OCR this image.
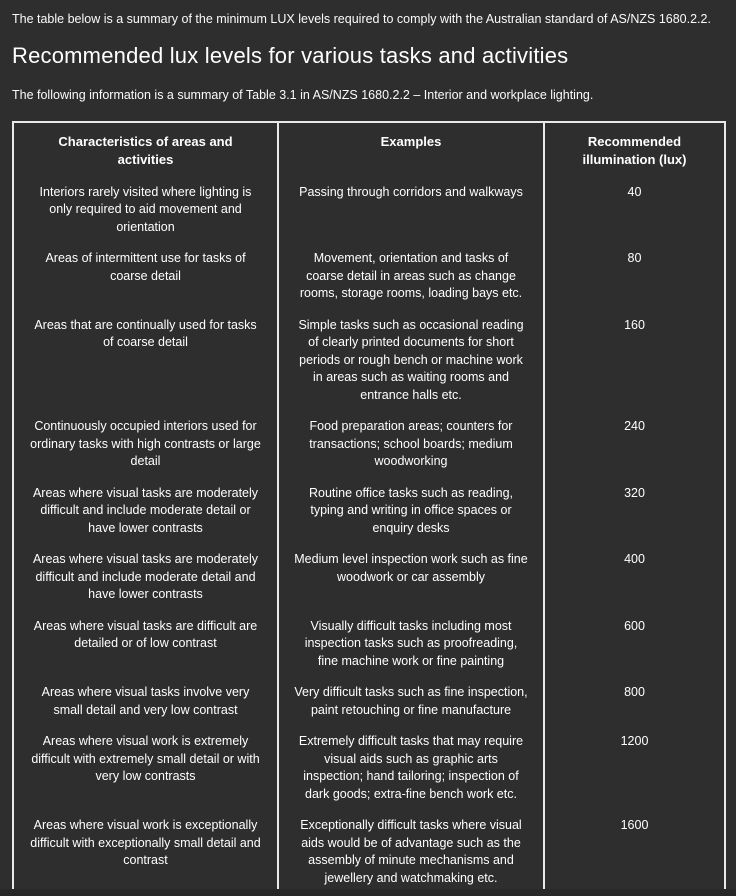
The table below is a summary of the minimum LUX levels required to comply with the Australian standard of AS/NZS 1680.2.2.

Recommended lux levels for various tasks and activities

The following information is a summary of Table 3.1 in AS/NZS 1680.2.2 – Interior and workplace lighting.

Characteristics of areas and activities	Examples	Recommended illumination (lux)
Interiors rarely visited where lighting is only required to aid movement and orientation	Passing through corridors and walkways	40
Areas of intermittent use for tasks of coarse detail	Movement, orientation and tasks of coarse detail in areas such as change rooms, storage rooms, loading bays etc.	80
Areas that are continually used for tasks of coarse detail	Simple tasks such as occasional reading of clearly printed documents for short periods or rough bench or machine work in areas such as waiting rooms and entrance halls etc.	160
Continuously occupied interiors used for ordinary tasks with high contrasts or large detail	Food preparation areas; counters for transactions; school boards; medium woodworking	240
Areas where visual tasks are moderately difficult and include moderate detail or have lower contrasts	Routine office tasks such as reading, typing and writing in office spaces or enquiry desks	320
Areas where visual tasks are moderately difficult and include moderate detail and have lower contrasts	Medium level inspection work such as fine woodwork or car assembly	400
Areas where visual tasks are difficult are detailed or of low contrast	Visually difficult tasks including most inspection tasks such as proofreading, fine machine work or fine painting	600
Areas where visual tasks involve very small detail and very low contrast	Very difficult tasks such as fine inspection, paint retouching or fine manufacture	800
Areas where visual work is extremely difficult with extremely small detail or with very low contrasts	Extremely difficult tasks that may require visual aids such as graphic arts inspection; hand tailoring; inspection of dark goods; extra-fine bench work etc.	1200
Areas where visual work is exceptionally difficult with exceptionally small detail and contrast	Exceptionally difficult tasks where visual aids would be of advantage such as the assembly of minute mechanisms and jewellery and watchmaking etc.	1600
